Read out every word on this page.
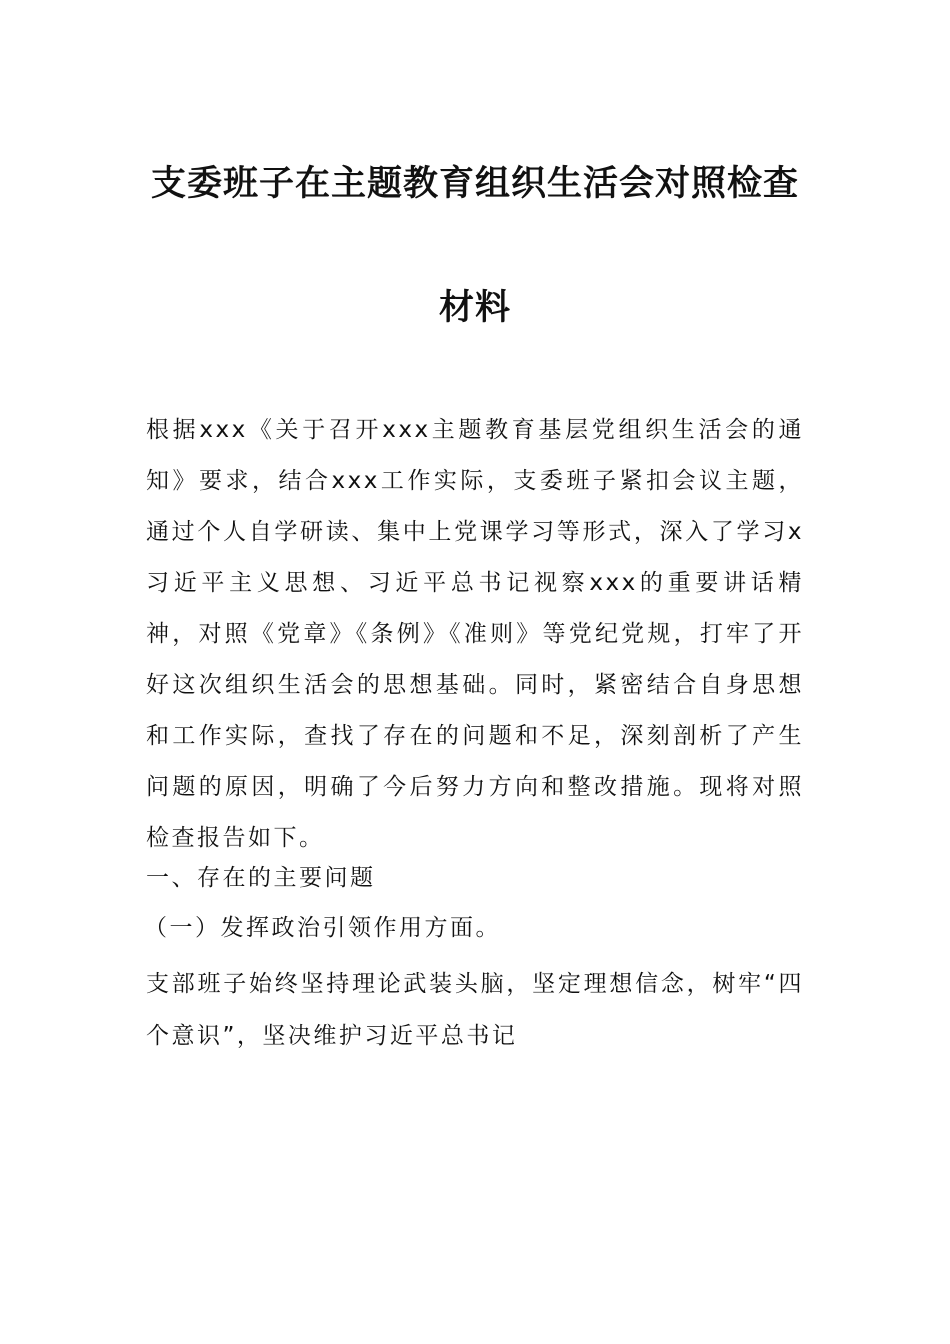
支委班子在主题教育组织生活会对照检查
材料

根据xxx《关于召开xxx主题教育基层党组织生活会的通知》要求，结合xxx工作实际，支委班子紧扣会议主题，通过个人自学研读、集中上党课学习等形式，深入了学习x习近平主义思想、习近平总书记视察xxx的重要讲话精神，对照《党章》《条例》《准则》等党纪党规，打牢了开好这次组织生活会的思想基础。同时，紧密结合自身思想和工作实际，查找了存在的问题和不足，深刻剖析了产生问题的原因，明确了今后努力方向和整改措施。现将对照检查报告如下。

一、存在的主要问题

（一）发挥政治引领作用方面。

支部班子始终坚持理论武装头脑，坚定理想信念，树牢“四个意识”，坚决维护习近平总书记
